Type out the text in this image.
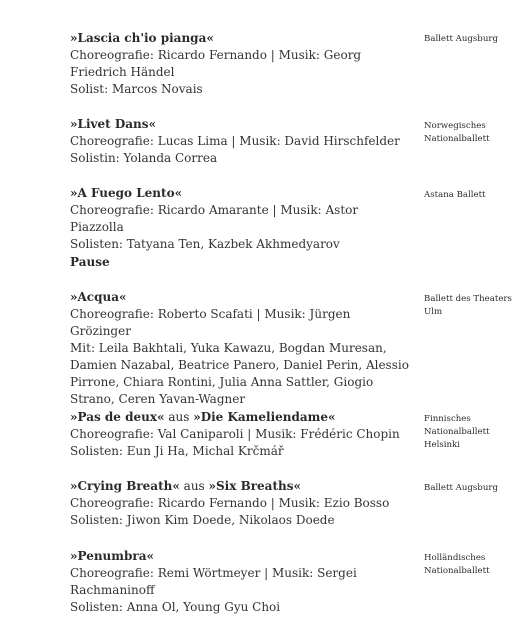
»Lascia ch'io pianga«
Choreografie: Ricardo Fernando | Musik: Georg Friedrich Händel
Solist: Marcos Novais
Ballett Augsburg
»Livet Dans«
Choreografie: Lucas Lima | Musik: David Hirschfelder
Solistin: Yolanda Correa
Norwegisches
Nationalballett
»A Fuego Lento«
Choreografie: Ricardo Amarante | Musik: Astor Piazzolla
Solisten: Tatyana Ten, Kazbek Akhmedyarov
Astana Ballett
Pause
»Acqua«
Choreografie: Roberto Scafati | Musik: Jürgen Grözinger
Mit: Leila Bakhtali, Yuka Kawazu, Bogdan Muresan, Damien Nazabal, Beatrice Panero, Daniel Perin, Alessio Pirrone, Chiara Rontini, Julia Anna Sattler, Giogio Strano, Ceren Yavan-Wagner
Ballett des Theaters
Ulm
»Pas de deux« aus »Die Kameliendame«
Choreografie: Val Caniparoli | Musik: Frédéric Chopin
Solisten: Eun Ji Ha, Michal Krčmář
Finnisches
Nationalballett
Helsinki
»Crying Breath« aus »Six Breaths«
Choreografie: Ricardo Fernando | Musik: Ezio Bosso
Solisten: Jiwon Kim Doede, Nikolaos Doede
Ballett Augsburg
»Penumbra«
Choreografie: Remi Wörtmeyer | Musik: Sergei Rachmaninoff
Solisten: Anna Ol, Young Gyu Choi
Holländisches
Nationalballett
